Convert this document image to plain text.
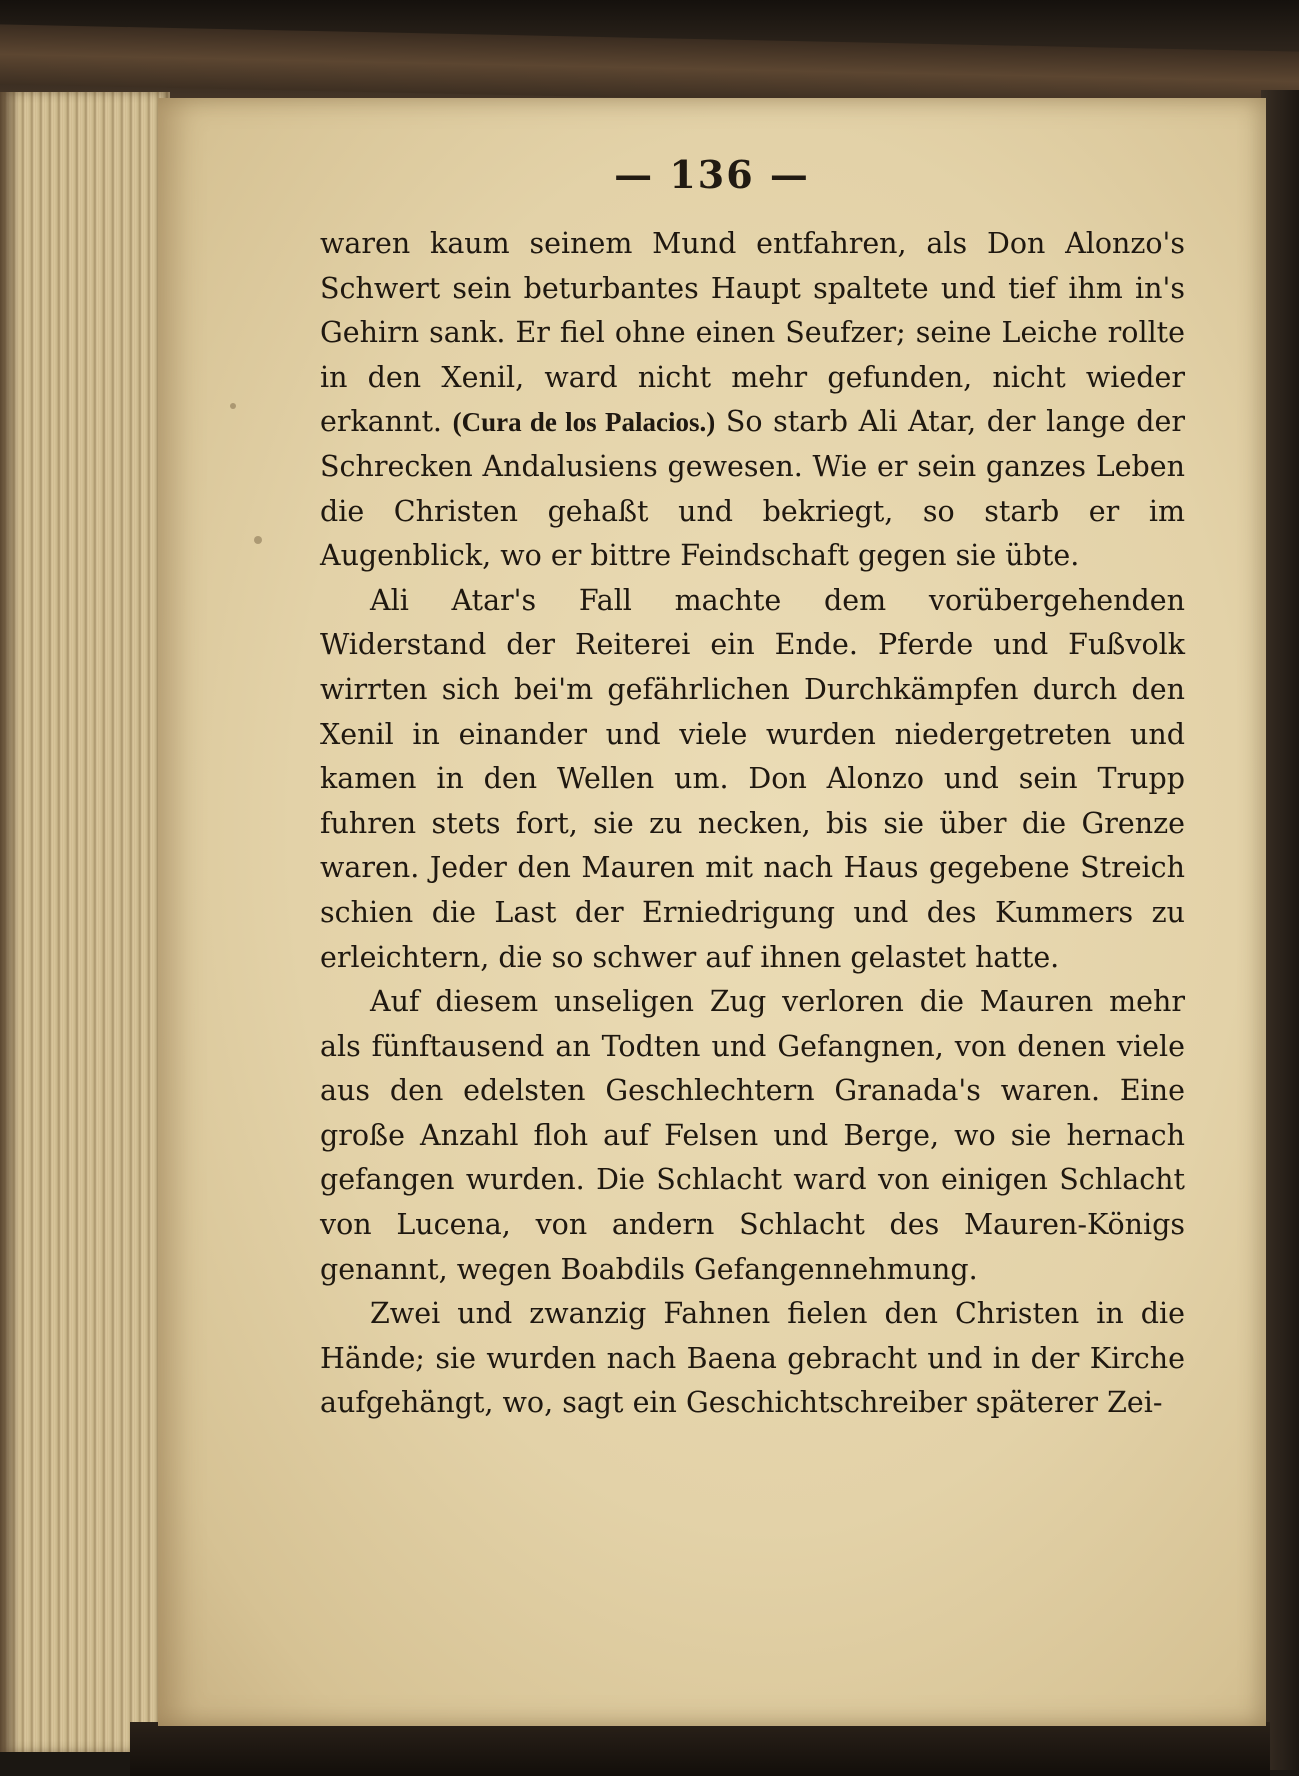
— 136 —

waren kaum seinem Mund entfahren, als Don Alonzo's Schwert sein beturbantes Haupt spaltete und tief ihm in's Gehirn sank. Er fiel ohne einen Seufzer; seine Leiche rollte in den Xenil, ward nicht mehr gefunden, nicht wieder erkannt. (Cura de los Palacios.) So starb Ali Atar, der lange der Schrecken Andalusiens gewesen. Wie er sein ganzes Leben die Christen gehaßt und bekriegt, so starb er im Augenblick, wo er bittre Feindschaft gegen sie übte.

Ali Atar's Fall machte dem vorübergehenden Widerstand der Reiterei ein Ende. Pferde und Fußvolk wirrten sich bei'm gefährlichen Durchkämpfen durch den Xenil in einander und viele wurden niedergetreten und kamen in den Wellen um. Don Alonzo und sein Trupp fuhren stets fort, sie zu necken, bis sie über die Grenze waren. Jeder den Mauren mit nach Haus gegebene Streich schien die Last der Erniedrigung und des Kummers zu erleichtern, die so schwer auf ihnen gelastet hatte.

Auf diesem unseligen Zug verloren die Mauren mehr als fünftausend an Todten und Gefangnen, von denen viele aus den edelsten Geschlechtern Granada's waren. Eine große Anzahl floh auf Felsen und Berge, wo sie hernach gefangen wurden. Die Schlacht ward von einigen Schlacht von Lucena, von andern Schlacht des Mauren-Königs genannt, wegen Boabdils Gefangennehmung.

Zwei und zwanzig Fahnen fielen den Christen in die Hände; sie wurden nach Baena gebracht und in der Kirche aufgehängt, wo, sagt ein Geschichtschreiber späterer Zei-
